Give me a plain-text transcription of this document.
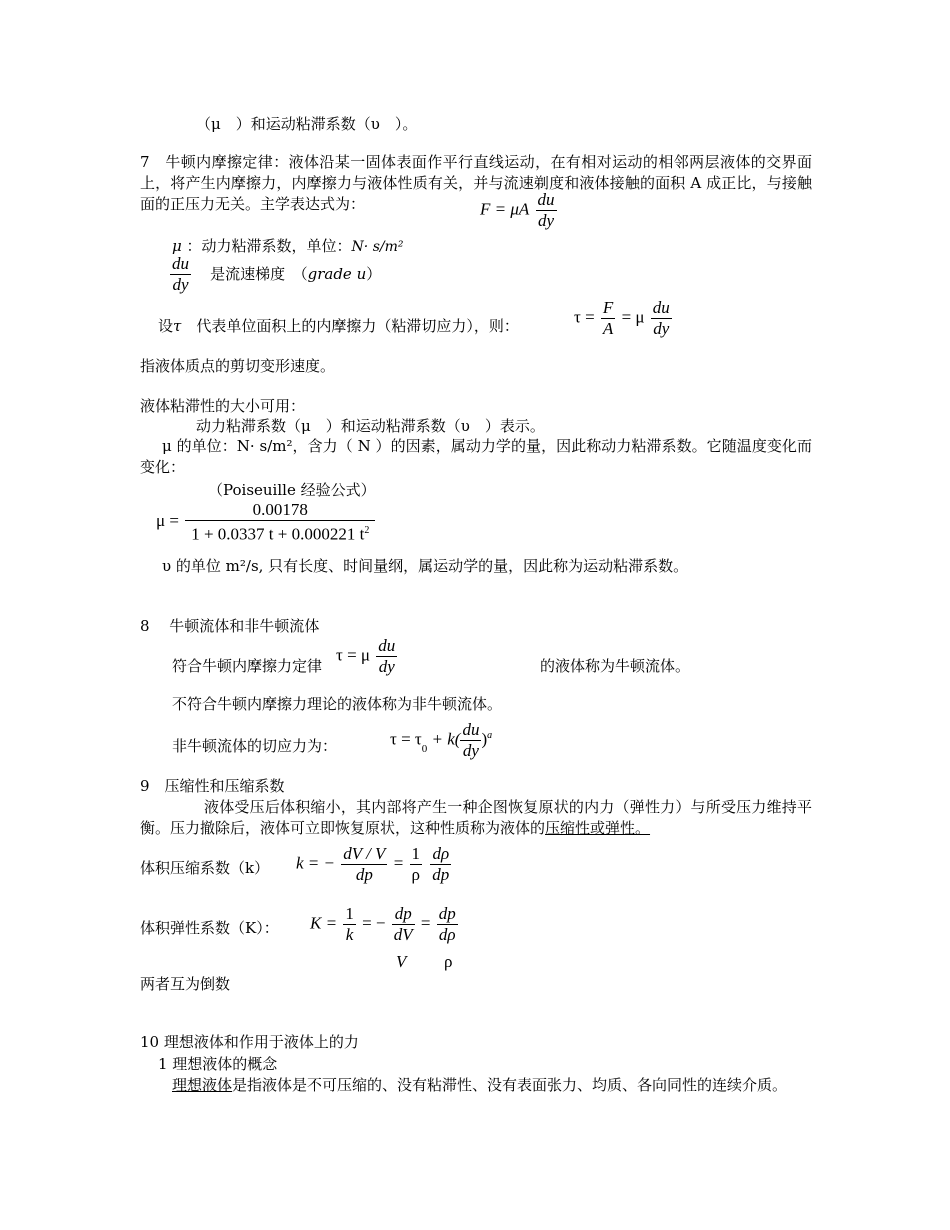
（μ　）和运动粘滞系数（υ　）。
7　牛顿内摩擦定律：液体沿某一固体表面作平行直线运动，在有相对运动的相邻两层液体的交界面上，将产生内摩擦力，内摩擦力与液体性质有关，并与流速剃度和液体接触的面积 A 成正比，与接触面的正压力无关。主学表达式为：	F = μA $\frac{du}{dy}$
μ ：动力粘滞系数，单位：N· s/m²
$\frac{du}{dy}$ 是流速梯度　（grade u）
设τ　 代表单位面积上的内摩擦力（粘滞切应力），则：	$\tau = \frac{F}{A} = \mu \frac{du}{dy}$
指液体质点的剪切变形速度。
液体粘滞性的大小可用：
动力粘滞系数（μ　）和运动粘滞系数（υ　）表示。
μ 的单位：N· s/m²，含力（ N ）的因素，属动力学的量，因此称动力粘滞系数。它随温度变化而变化：
（Poiseuille 经验公式）
$\mu = \frac{0.00178}{1 + 0.0337 t + 0.000221 t^2}$
υ 的单位 m²/s, 只有长度、时间量纲，属运动学的量，因此称为运动粘滞系数。
8　 牛顿流体和非牛顿流体
符合牛顿内摩擦力定律
τ = μ $\frac{du}{dy}$	的液体称为牛顿流体。
不符合牛顿内摩擦力理论的液体称为非牛顿流体。
非牛顿流体的切应力为：	$\tau = \tau_0 + k( \frac{du}{dy} )^a$
9　压缩性和压缩系数
液体受压后体积缩小，其内部将产生一种企图恢复原状的内力（弹性力）与所受压力维持平衡。压力撤除后，液体可立即恢复原状，这种性质称为液体的压缩性或弹性。
体积压缩系数（k） k = − $\frac{dV / V}{dp} = \frac{1}{\rho}$
$\frac{d\rho}{dp}$
体积弹性系数（K）： $K = \frac{1}{k}$ = − $\frac{dp}{dV} = \frac{dp}{d\rho}$
V ρ
两者互为倒数
10 理想液体和作用于液体上的力
1 理想液体的概念
理想液体是指液体是不可压缩的、没有粘滞性、没有表面张力、均质、各向同性的连续介质。
